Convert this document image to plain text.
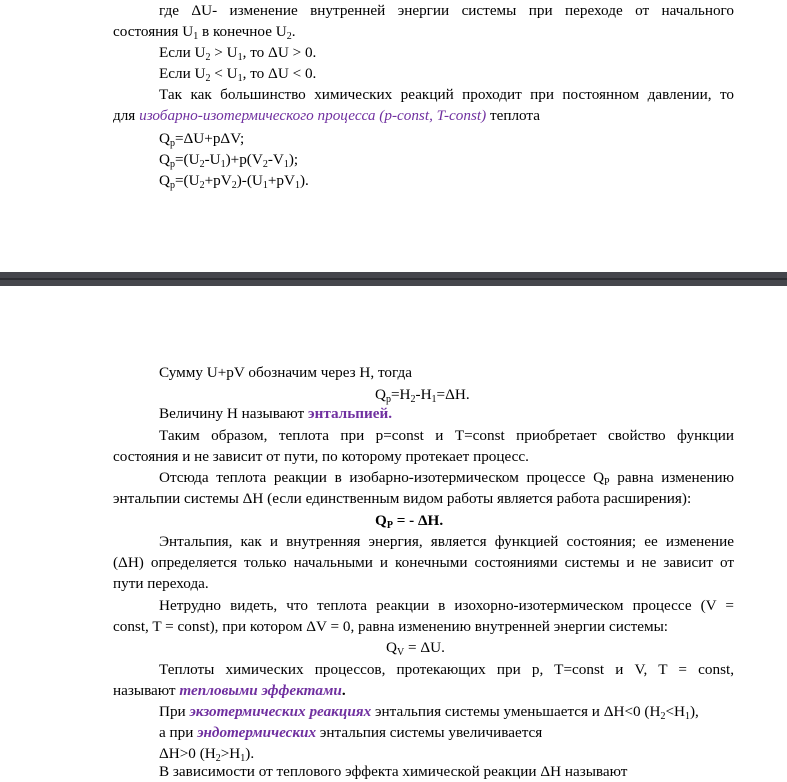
где ΔU- изменение внутренней энергии системы при переходе от начального
состояния $U_1$ в конечное $U_2$.
Если $U_2 > U_1$, то ΔU > 0.
Если $U_2 < U_1$, то ΔU < 0.
Так как большинство химических реакций проходит при постоянном давлении, то
для изобарно-изотермического процесса (p-const, T-const) теплота
$Q_p=\Delta U+p\Delta V$;
$Q_p=(U_2-U_1)+p(V_2-V_1)$;
$Q_p=(U_2+pV_2)-(U_1+pV_1)$.
Сумму U+pV обозначим через H, тогда
$Q_p=H_2-H_1=\Delta H$.
Величину H называют энтальпией.
Таким образом, теплота при p=const и T=const приобретает свойство функции
состояния и не зависит от пути, по которому протекает процесс.
Отсюда теплота реакции в изобарно-изотермическом процессе $Q_P$ равна изменению
энтальпии системы ΔH (если единственным видом работы является работа расширения):
$Q_P$ = - ΔH.
Энтальпия, как и внутренняя энергия, является функцией состояния; ее изменение
(ΔH) определяется только начальными и конечными состояниями системы и не зависит от
пути перехода.
Нетрудно видеть, что теплота реакции в изохорно-изотермическом процессе (V =
const, T = const), при котором ΔV = 0, равна изменению внутренней энергии системы:
$Q_V = \Delta U$.
Теплоты химических процессов, протекающих при p, T=const и V, T = const,
называют тепловыми эффектами.
При экзотермических реакциях энтальпия системы уменьшается и ΔH<0 $(H_2<H_1)$,
а при эндотермических энтальпия системы увеличивается
ΔH>0 $(H_2>H_1)$.
В зависимости от теплового эффекта химической реакции ΔH называют
